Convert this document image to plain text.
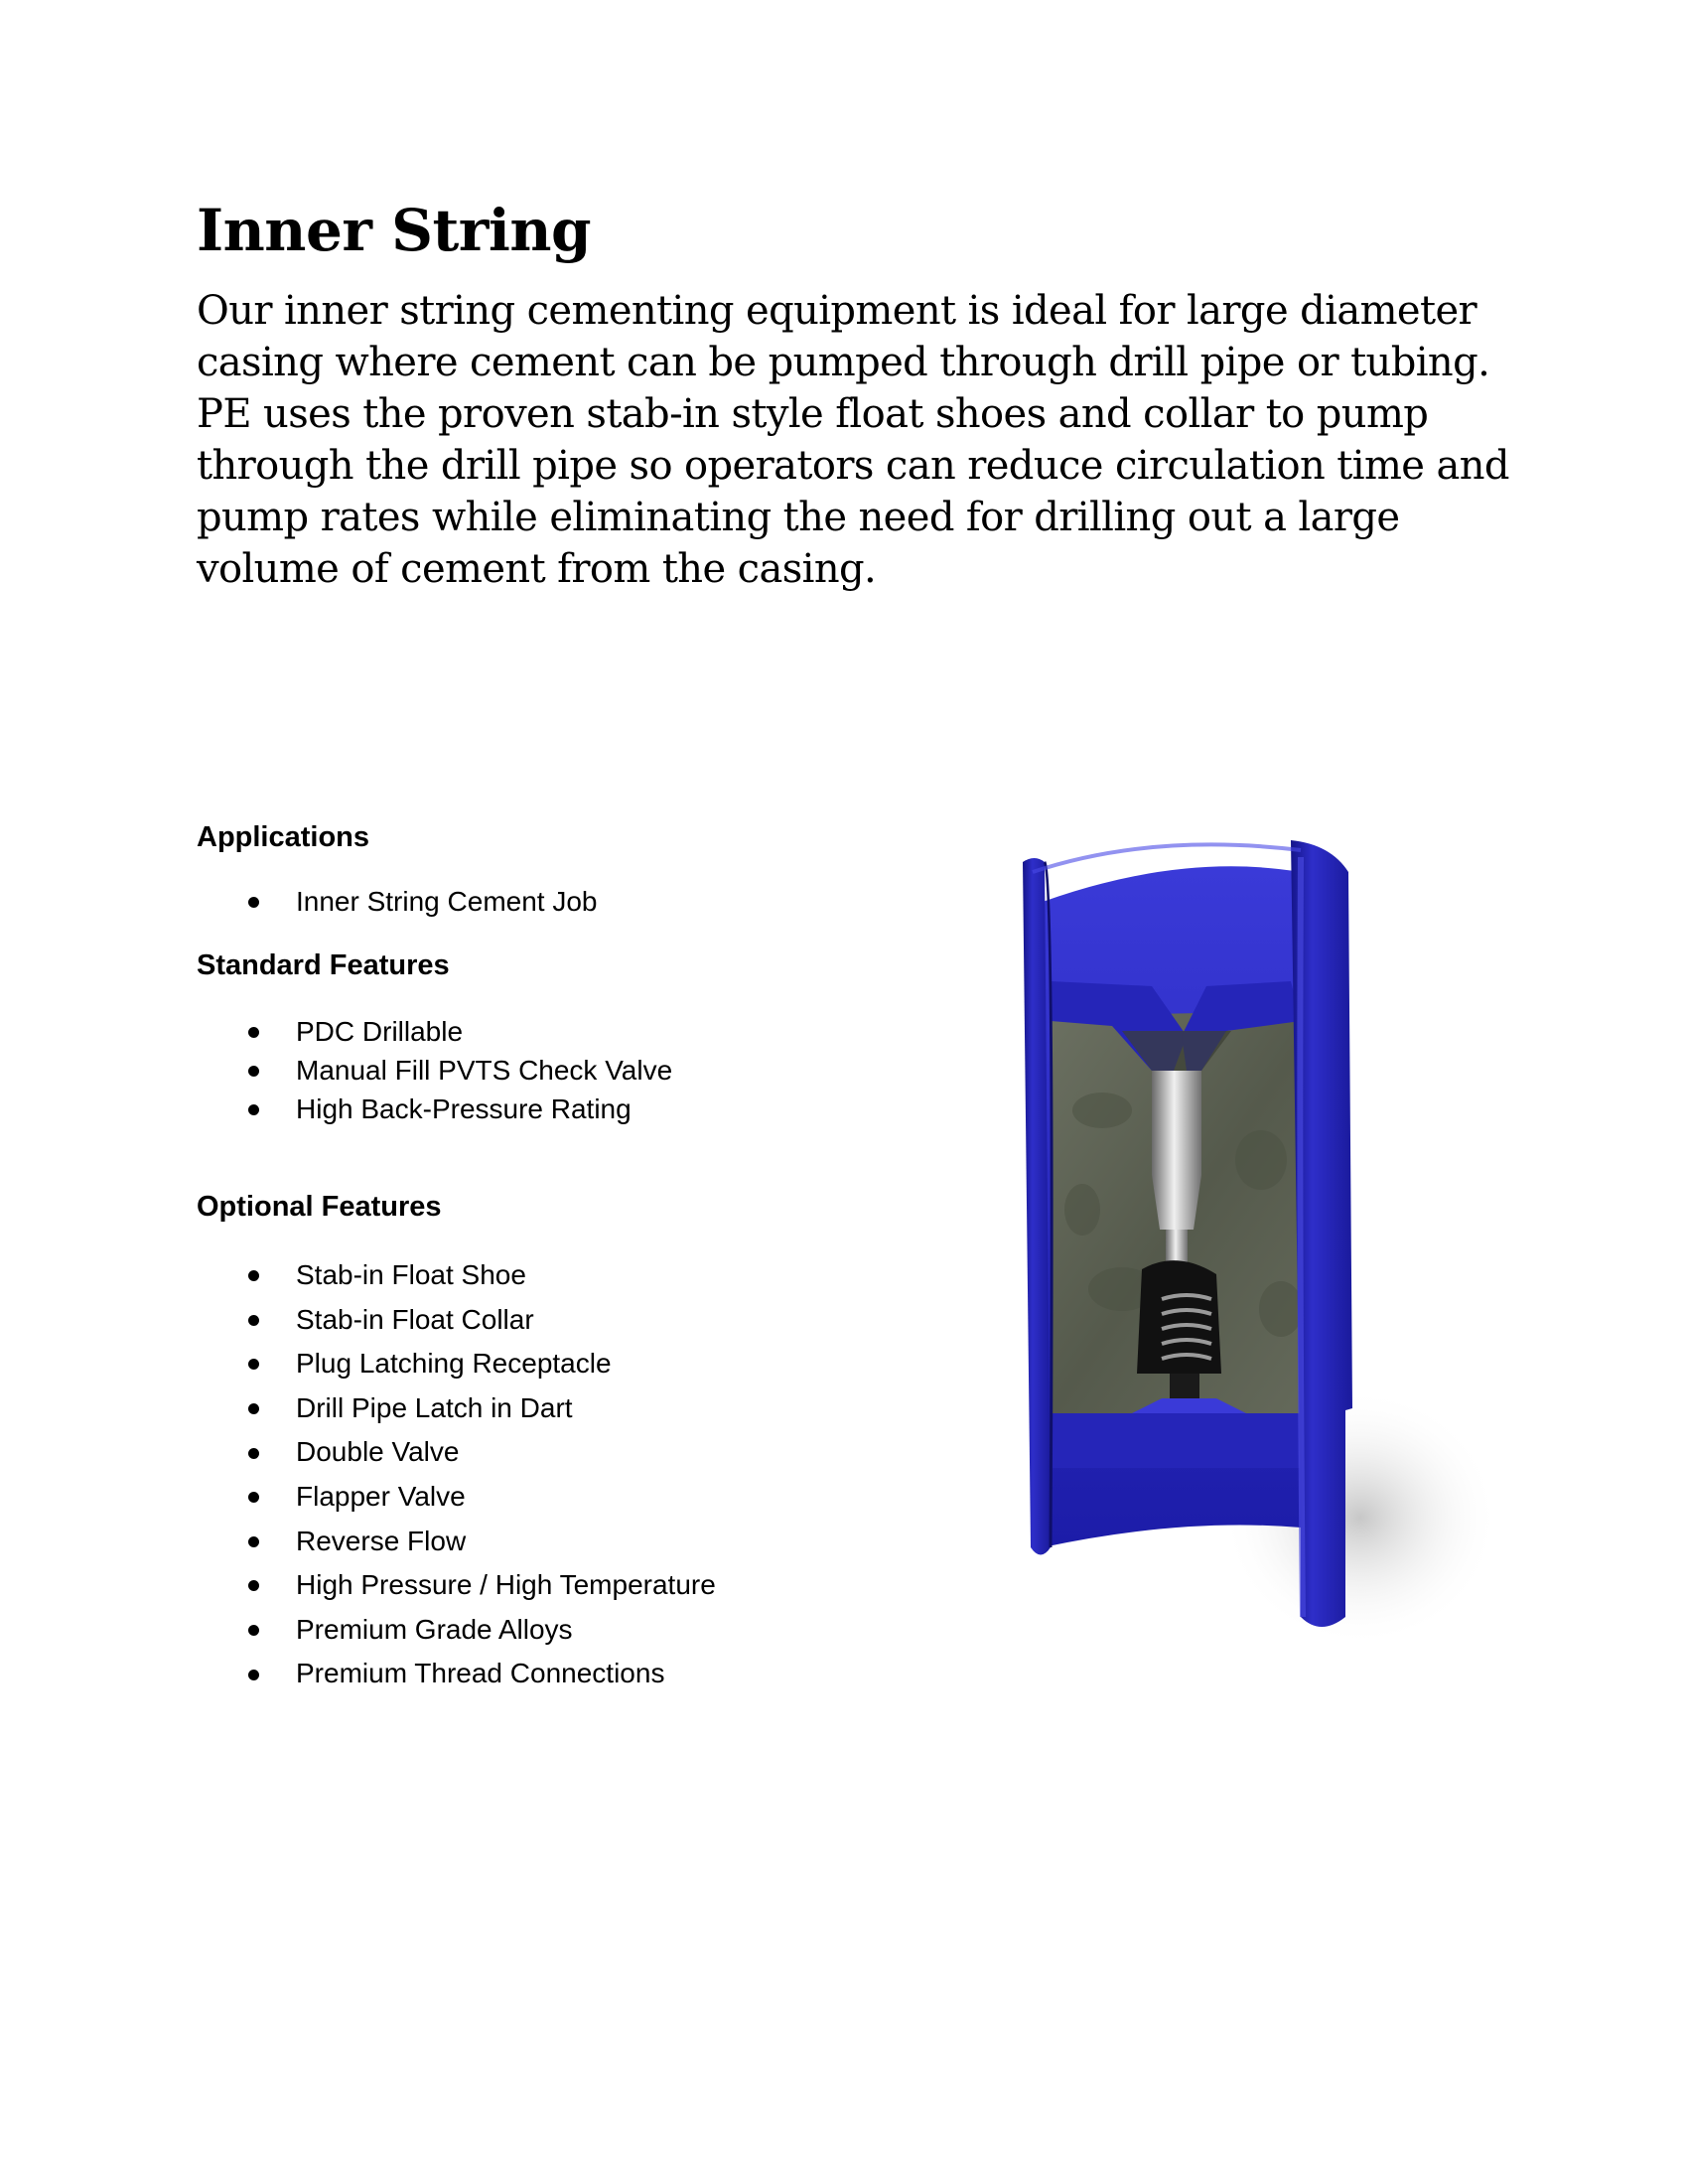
Inner String

Our inner string cementing equipment is ideal for large diameter casing where cement can be pumped through drill pipe or tubing. PE uses the proven stab-in style float shoes and collar to pump through the drill pipe so operators can reduce circulation time and pump rates while eliminating the need for drilling out a large volume of cement from the casing.

Applications
Inner String Cement Job
Standard Features
PDC Drillable
Manual Fill PVTS Check Valve
High Back-Pressure Rating
Optional Features
Stab-in Float Shoe
Stab-in Float Collar
Plug Latching Receptacle
Drill Pipe Latch in Dart
Double Valve
Flapper Valve
Reverse Flow
High Pressure / High Temperature
Premium Grade Alloys
Premium Thread Connections
